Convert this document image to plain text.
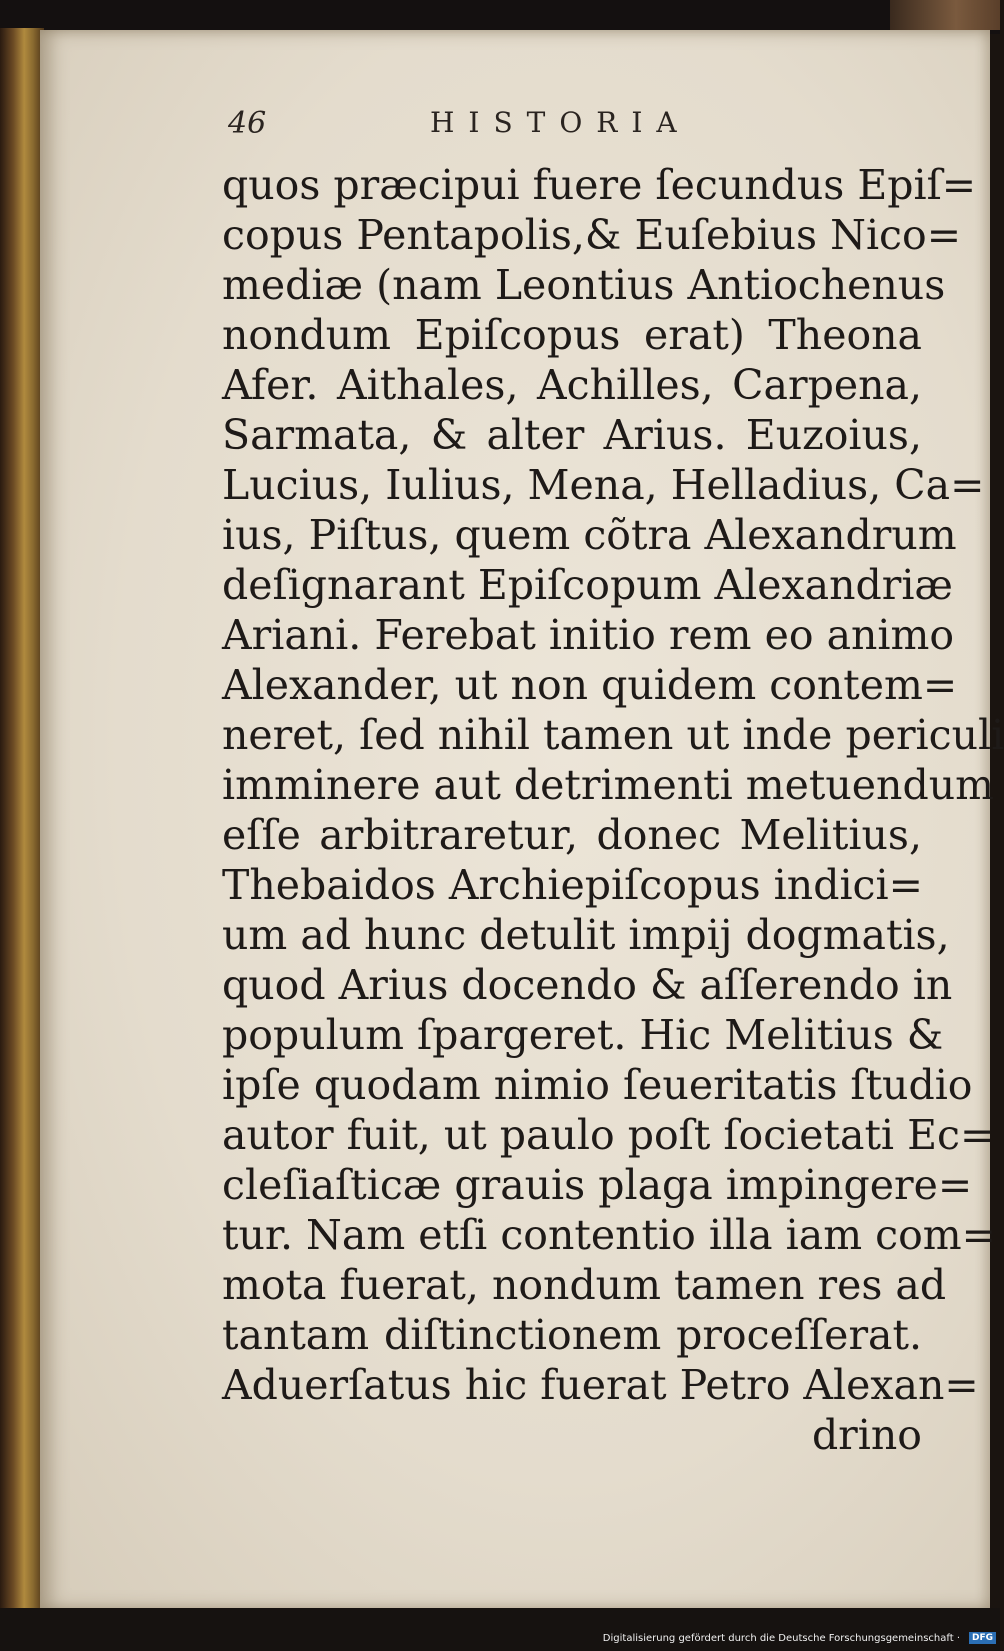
46	HISTORIA
quos præcipui fuere ſecundus Epiſ=
copus Pentapolis,& Euſebius Nico=
mediæ (nam Leontius Antiochenus
nondum Epiſcopus erat) Theona
Afer. Aithales, Achilles, Carpena,
Sarmata, & alter Arius. Euzoius,
Lucius, Iulius, Mena, Helladius, Ca=
ius, Piſtus, quem cõtra Alexandrum
deſignarant Epiſcopum Alexandriæ
Ariani. Ferebat initio rem eo animo
Alexander, ut non quidem contem=
neret, ſed nihil tamen ut inde periculi
imminere aut detrimenti metuendum
eſſe arbitraretur, donec Melitius,
Thebaidos Archiepiſcopus indici=
um ad hunc detulit impij dogmatis,
quod Arius docendo & aſſerendo in
populum ſpargeret. Hic Melitius &
ipſe quodam nimio ſeueritatis ſtudio
autor fuit, ut paulo poſt ſocietati Ec=
cleſiaſticæ grauis plaga impingere=
tur. Nam etſi contentio illa iam com=
mota fuerat, nondum tamen res ad
tantam diſtinctionem proceſſerat.
Aduerſatus hic fuerat Petro Alexan=
drino
Digitalisierung gefördert durch die Deutsche Forschungsgemeinschaft ·	DFG
